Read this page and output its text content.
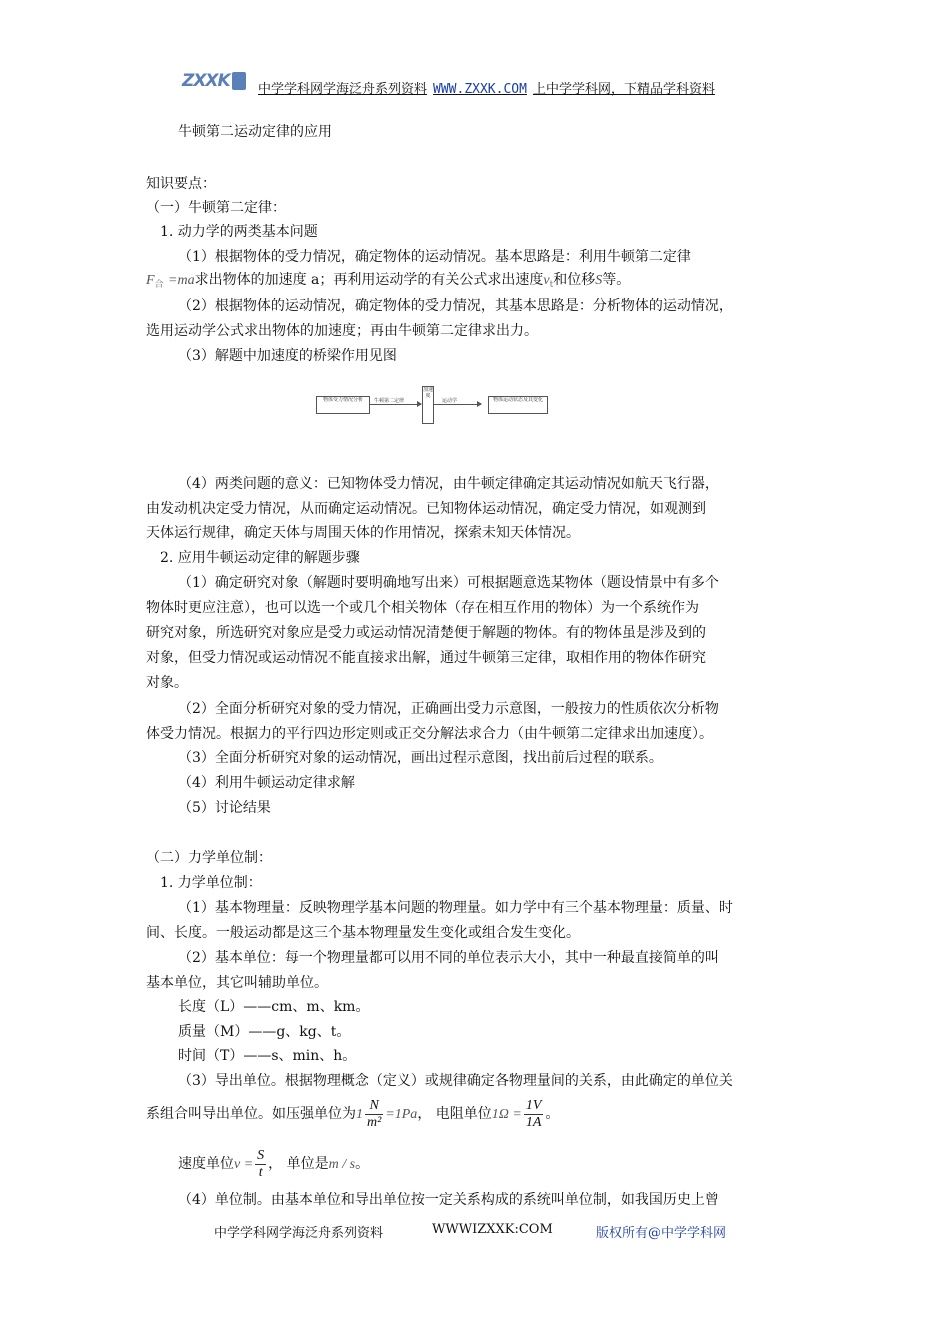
ZXXK 中学学科网学海泛舟系列资料 WWW.ZXXK.COM 上中学学科网，下精品学科资料
牛顿第二运动定律的应用
知识要点：
（一）牛顿第二定律：
1. 动力学的两类基本问题
（1）根据物体的受力情况，确定物体的运动情况。基本思路是：利用牛顿第二定律
$F_合 =ma$求出物体的加速度 a；再利用运动学的有关公式求出速度$v_t$和位移S等。
（2）根据物体的运动情况，确定物体的受力情况，其基本思路是：分析物体的运动情况，
选用运动学公式求出物体的加速度；再由牛顿第二定律求出力。
（3）解题中加速度的桥梁作用见图
物体受力情况分析	牛顿第二定律
加速度
运动学	物体运动状态及其变化
（4）两类问题的意义：已知物体受力情况，由牛顿定律确定其运动情况如航天飞行器，
由发动机决定受力情况，从而确定运动情况。已知物体运动情况，确定受力情况，如观测到
天体运行规律，确定天体与周围天体的作用情况，探索未知天体情况。
2. 应用牛顿运动定律的解题步骤
（1）确定研究对象（解题时要明确地写出来）可根据题意选某物体（题设情景中有多个
物体时更应注意），也可以选一个或几个相关物体（存在相互作用的物体）为一个系统作为
研究对象，所选研究对象应是受力或运动情况清楚便于解题的物体。有的物体虽是涉及到的
对象，但受力情况或运动情况不能直接求出解，通过牛顿第三定律，取相作用的物体作研究
对象。
（2）全面分析研究对象的受力情况，正确画出受力示意图，一般按力的性质依次分析物
体受力情况。根据力的平行四边形定则或正交分解法求合力（由牛顿第二定律求出加速度）。
（3）全面分析研究对象的运动情况，画出过程示意图，找出前后过程的联系。
（4）利用牛顿运动定律求解
（5）讨论结果
（二）力学单位制：
1. 力学单位制：
（1）基本物理量：反映物理学基本问题的物理量。如力学中有三个基本物理量：质量、时
间、长度。一般运动都是这三个基本物理量发生变化或组合发生变化。
（2）基本单位：每一个物理量都可以用不同的单位表示大小，其中一种最直接简单的叫
基本单位，其它叫辅助单位。
长度（L）——cm、m、km。
质量（M）——g、kg、t。
时间（T）——s、min、h。
（3）导出单位。根据物理概念（定义）或规律确定各物理量间的关系，由此确定的单位关
系组合叫导出单位。如压强单位为$1 \frac{N}{\text{m²}} =1Pa$， 电阻单位$1\Omega = \frac{1V}{1A}$ 。
速度单位$v = \frac{S}{t}$ ， 单位是m / s。
（4）单位制。由基本单位和导出单位按一定关系构成的系统叫单位制，如我国历史上曾
中学学科网学海泛舟系列资料	WWWIZXXK:COM	版权所有@中学学科网
